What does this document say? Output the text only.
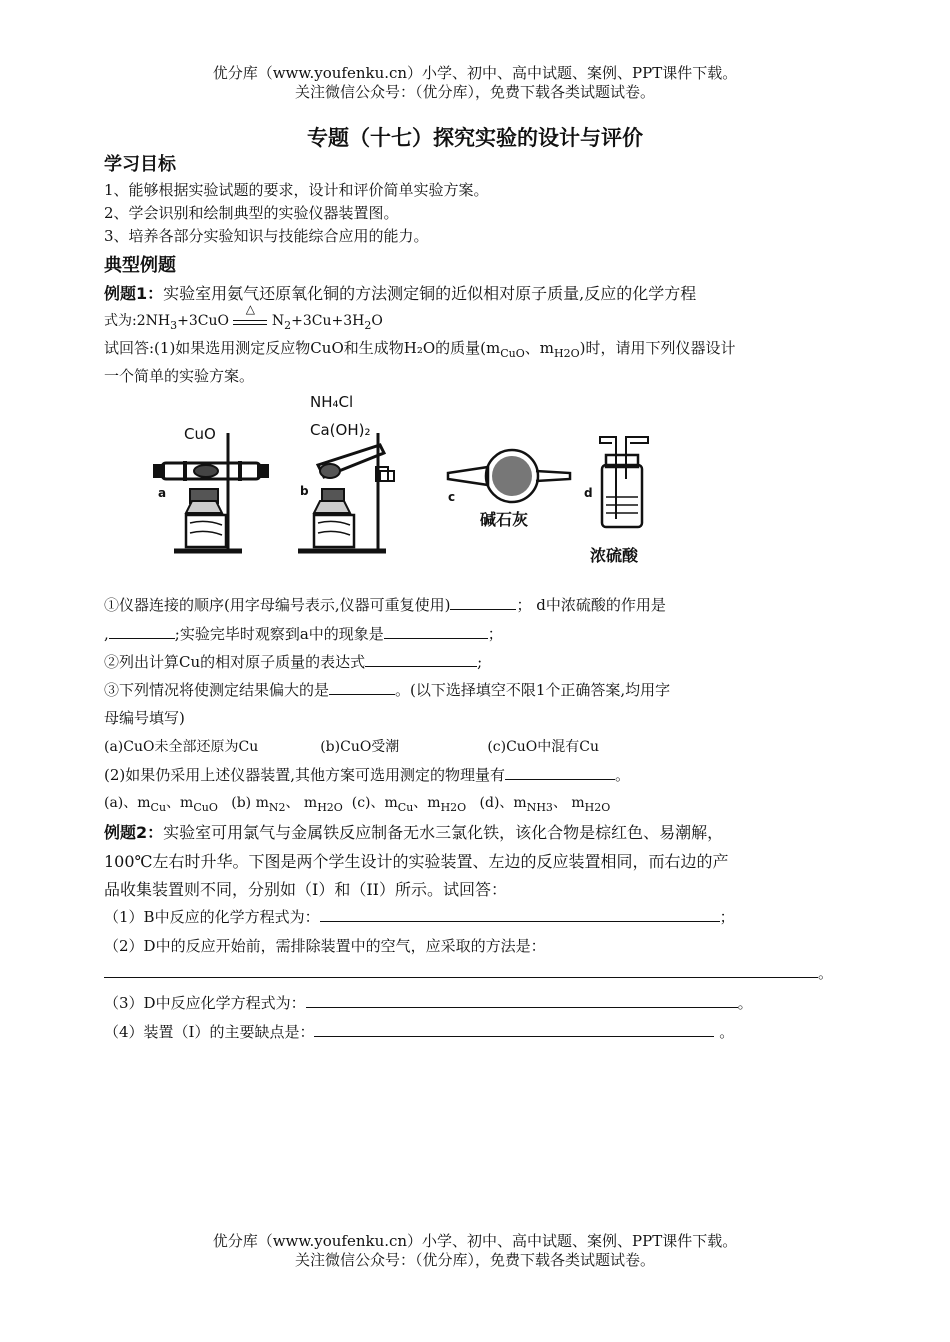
优分库（www.youfenku.cn）小学、初中、高中试题、案例、PPT课件下载。
关注微信公众号：（优分库），免费下载各类试题试卷。
专题（十七）探究实验的设计与评价
学习目标
1、能够根据实验试题的要求，设计和评价简单实验方案。
2、学会识别和绘制典型的实验仪器装置图。
3、培养各部分实验知识与技能综合应用的能力。
典型例题
例题1：实验室用氨气还原氧化铜的方法测定铜的近似相对原子质量,反应的化学方程
式为$:2NH_3+3CuO$
△
$N_2+3Cu+3H_2O$
试回答:(1)如果选用测定反应物CuO和生成物H₂O的质量($m_{CuO}$、$m_{H2O}$)时，请用下列仪器设计
一个简单的实验方案。
CuO
a
NH₄Cl
Ca(OH)₂
b	c
碱石灰
d
浓硫酸
①仪器连接的顺序(用字母编号表示,仪器可重复使用)	； d中浓硫酸的作用是
,	;实验完毕时观察到a中的现象是	；
②列出计算Cu的相对原子质量的表达式	;
③下列情况将使测定结果偏大的是	。(以下选择填空不限1个正确答案,均用字
母编号填写)
(a)CuO未全部还原为Cu	(b)CuO受潮	(c)CuO中混有Cu
(2)如果仍采用上述仪器装置,其他方案可选用测定的物理量有	。
(a)、$m_{Cu}$、$m_{CuO}$ (b) $m_{N2}$、 $m_{H2O}$ (c)、$m_{Cu}$、$m_{H2O}$ (d)、$m_{NH3}$、 $m_{H2O}$
例题2：实验室可用氯气与金属铁反应制备无水三氯化铁，该化合物是棕红色、易潮解，
100℃左右时升华。下图是两个学生设计的实验装置、左边的反应装置相同，而右边的产
品收集装置则不同，分别如（I）和（II）所示。试回答：
（1）B中反应的化学方程式为：	；
（2）D中的反应开始前，需排除装置中的空气，应采取的方法是：
。
（3）D中反应化学方程式为：	。
（4）装置（Ⅰ）的主要缺点是：	。
优分库（www.youfenku.cn）小学、初中、高中试题、案例、PPT课件下载。
关注微信公众号：（优分库），免费下载各类试题试卷。
